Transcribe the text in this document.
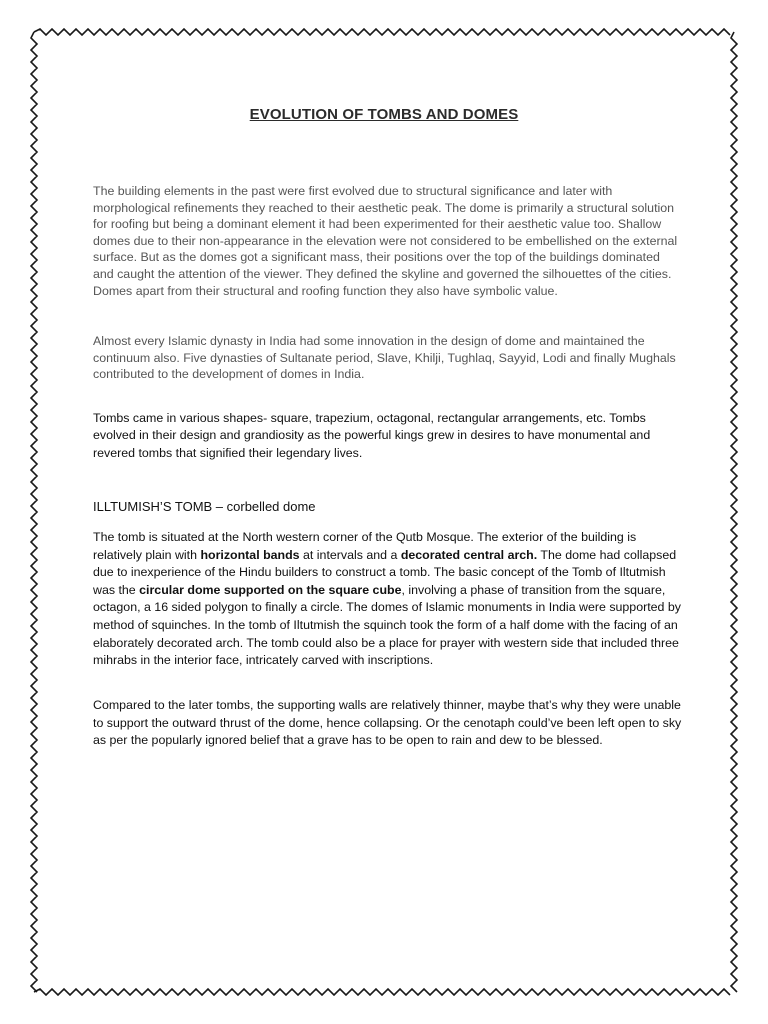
EVOLUTION OF TOMBS AND DOMES

The building elements in the past were first evolved due to structural significance and later with morphological refinements they reached to their aesthetic peak. The dome is primarily a structural solution for roofing but being a dominant element it had been experimented for their aesthetic value too. Shallow domes due to their non-appearance in the elevation were not considered to be embellished on the external surface. But as the domes got a significant mass, their positions over the top of the buildings dominated and caught the attention of the viewer. They defined the skyline and governed the silhouettes of the cities. Domes apart from their structural and roofing function they also have symbolic value.

Almost every Islamic dynasty in India had some innovation in the design of dome and maintained the continuum also. Five dynasties of Sultanate period, Slave, Khilji, Tughlaq, Sayyid, Lodi and finally Mughals contributed to the development of domes in India.

Tombs came in various shapes- square, trapezium, octagonal, rectangular arrangements, etc. Tombs evolved in their design and grandiosity as the powerful kings grew in desires to have monumental and revered tombs that signified their legendary lives.

ILLTUMISH’S TOMB – corbelled dome

The tomb is situated at the North western corner of the Qutb Mosque. The exterior of the building is relatively plain with horizontal bands at intervals and a decorated central arch. The dome had collapsed due to inexperience of the Hindu builders to construct a tomb. The basic concept of the Tomb of Iltutmish was the circular dome supported on the square cube, involving a phase of transition from the square, octagon, a 16 sided polygon to finally a circle. The domes of Islamic monuments in India were supported by method of squinches. In the tomb of Iltutmish the squinch took the form of a half dome with the facing of an elaborately decorated arch. The tomb could also be a place for prayer with western side that included three mihrabs in the interior face, intricately carved with inscriptions.

Compared to the later tombs, the supporting walls are relatively thinner, maybe that’s why they were unable to support the outward thrust of the dome, hence collapsing. Or the cenotaph could’ve been left open to sky as per the popularly ignored belief that a grave has to be open to rain and dew to be blessed.
